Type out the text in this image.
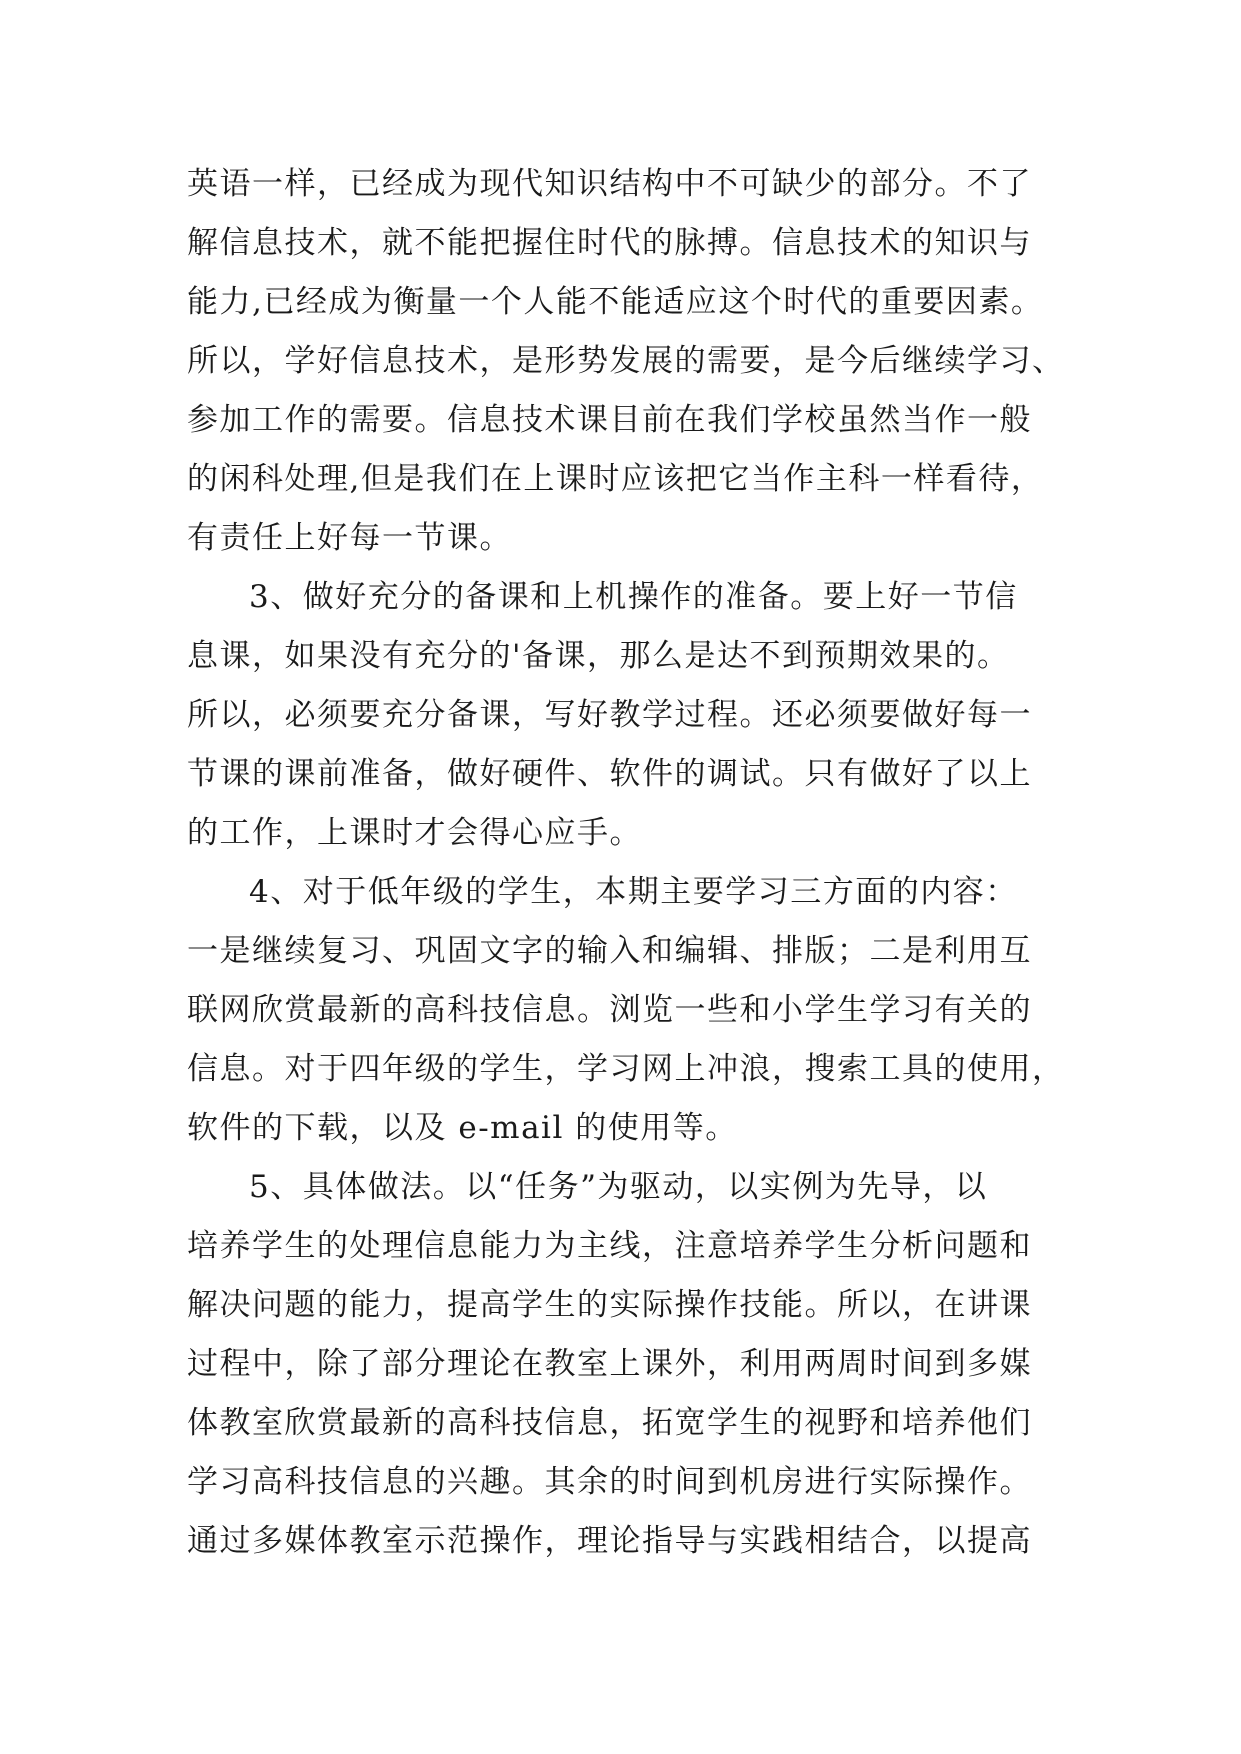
英语一样，已经成为现代知识结构中不可缺少的部分。不了
解信息技术，就不能把握住时代的脉搏。信息技术的知识与
能力,已经成为衡量一个人能不能适应这个时代的重要因素。
所以，学好信息技术，是形势发展的需要，是今后继续学习、
参加工作的需要。信息技术课目前在我们学校虽然当作一般
的闲科处理,但是我们在上课时应该把它当作主科一样看待，
有责任上好每一节课。
3、做好充分的备课和上机操作的准备。要上好一节信
息课，如果没有充分的'备课，那么是达不到预期效果的。
所以，必须要充分备课，写好教学过程。还必须要做好每一
节课的课前准备，做好硬件、软件的调试。只有做好了以上
的工作，上课时才会得心应手。
4、对于低年级的学生，本期主要学习三方面的内容：
一是继续复习、巩固文字的输入和编辑、排版；二是利用互
联网欣赏最新的高科技信息。浏览一些和小学生学习有关的
信息。对于四年级的学生，学习网上冲浪，搜索工具的使用，
软件的下载，以及 e-mail 的使用等。
5、具体做法。以“任务”为驱动，以实例为先导，以
培养学生的处理信息能力为主线，注意培养学生分析问题和
解决问题的能力，提高学生的实际操作技能。所以，在讲课
过程中，除了部分理论在教室上课外，利用两周时间到多媒
体教室欣赏最新的高科技信息，拓宽学生的视野和培养他们
学习高科技信息的兴趣。其余的时间到机房进行实际操作。
通过多媒体教室示范操作，理论指导与实践相结合，以提高
